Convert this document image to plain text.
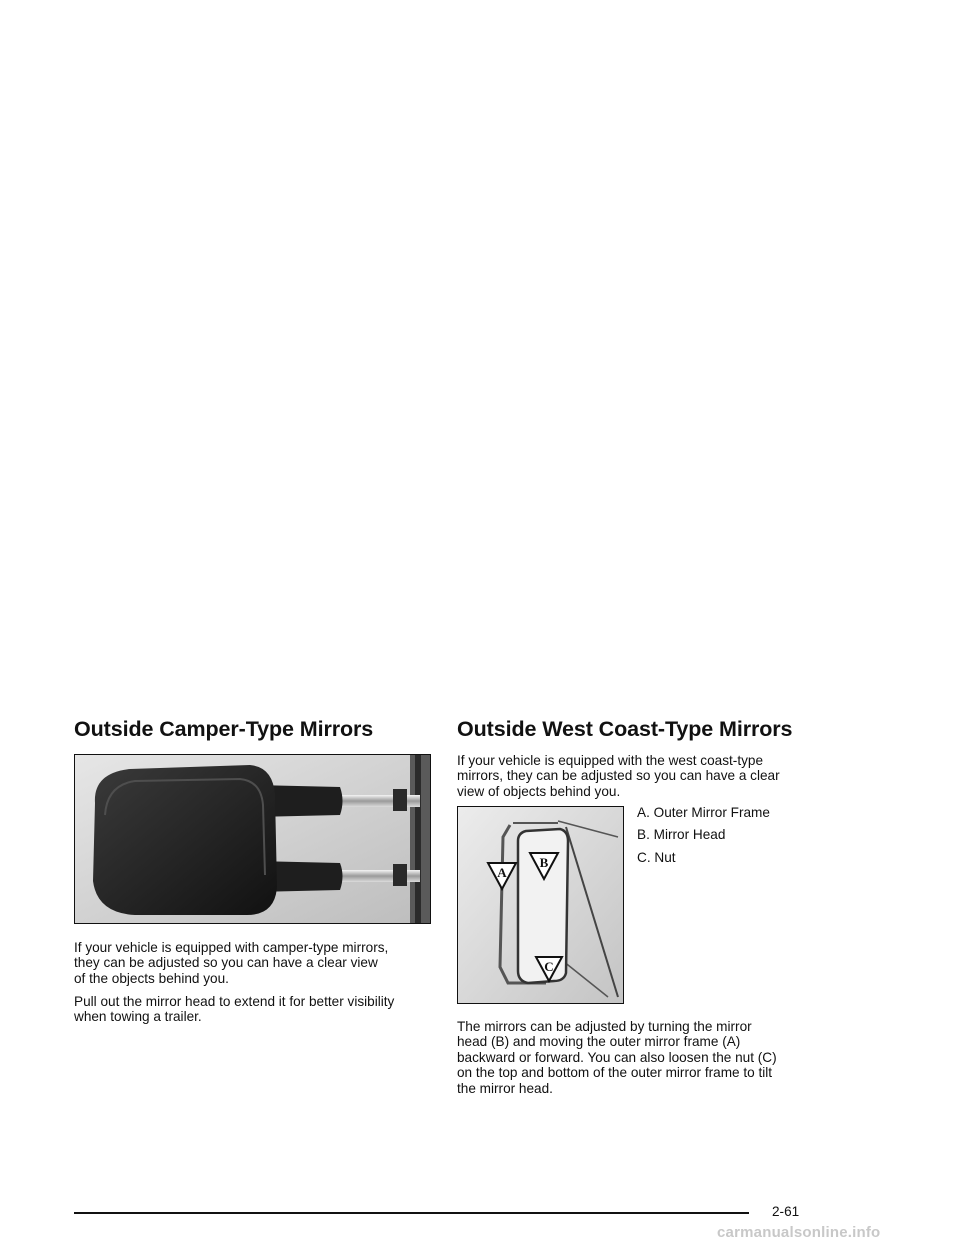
Outside Camper-Type Mirrors

If your vehicle is equipped with camper-type mirrors,
they can be adjusted so you can have a clear view
of the objects behind you.

Pull out the mirror head to extend it for better visibility
when towing a trailer.

Outside West Coast-Type Mirrors

If your vehicle is equipped with the west coast-type
mirrors, they can be adjusted so you can have a clear
view of objects behind you.

A
B
C
A. Outer Mirror Frame
B. Mirror Head
C. Nut

The mirrors can be adjusted by turning the mirror
head (B) and moving the outer mirror frame (A)
backward or forward. You can also loosen the nut (C)
on the top and bottom of the outer mirror frame to tilt
the mirror head.

2-61
carmanualsonline.info
